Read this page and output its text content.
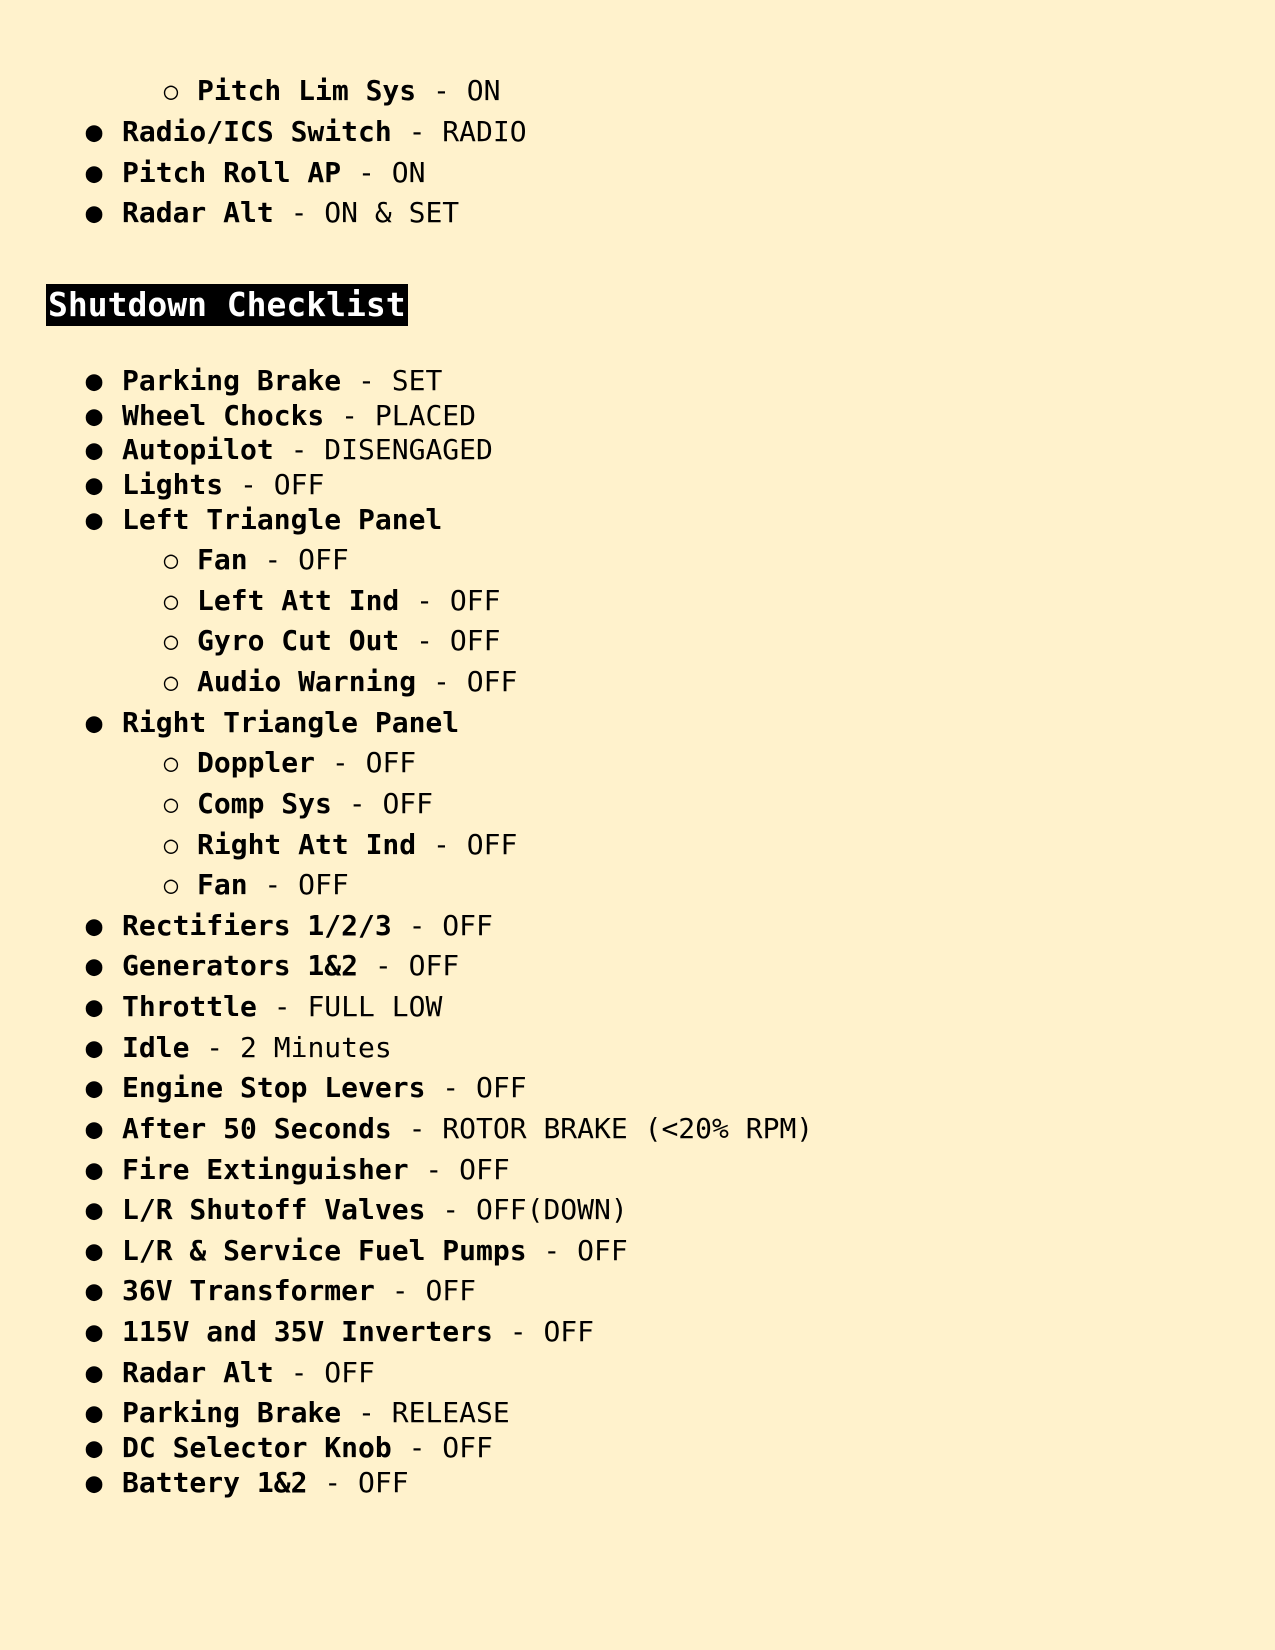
○ Pitch Lim Sys - ON
● Radio/ICS Switch - RADIO
● Pitch Roll AP - ON
● Radar Alt - ON & SET
Shutdown Checklist
● Parking Brake - SET
● Wheel Chocks - PLACED
● Autopilot - DISENGAGED
● Lights - OFF
● Left Triangle Panel
○ Fan - OFF
○ Left Att Ind - OFF
○ Gyro Cut Out - OFF
○ Audio Warning - OFF
● Right Triangle Panel
○ Doppler - OFF
○ Comp Sys - OFF
○ Right Att Ind - OFF
○ Fan - OFF
● Rectifiers 1/2/3 - OFF
● Generators 1&2 - OFF
● Throttle - FULL LOW
● Idle - 2 Minutes
● Engine Stop Levers - OFF
● After 50 Seconds - ROTOR BRAKE (<20% RPM)
● Fire Extinguisher - OFF
● L/R Shutoff Valves - OFF(DOWN)
● L/R & Service Fuel Pumps - OFF
● 36V Transformer - OFF
● 115V and 35V Inverters - OFF
● Radar Alt - OFF
● Parking Brake - RELEASE
● DC Selector Knob - OFF
● Battery 1&2 - OFF
